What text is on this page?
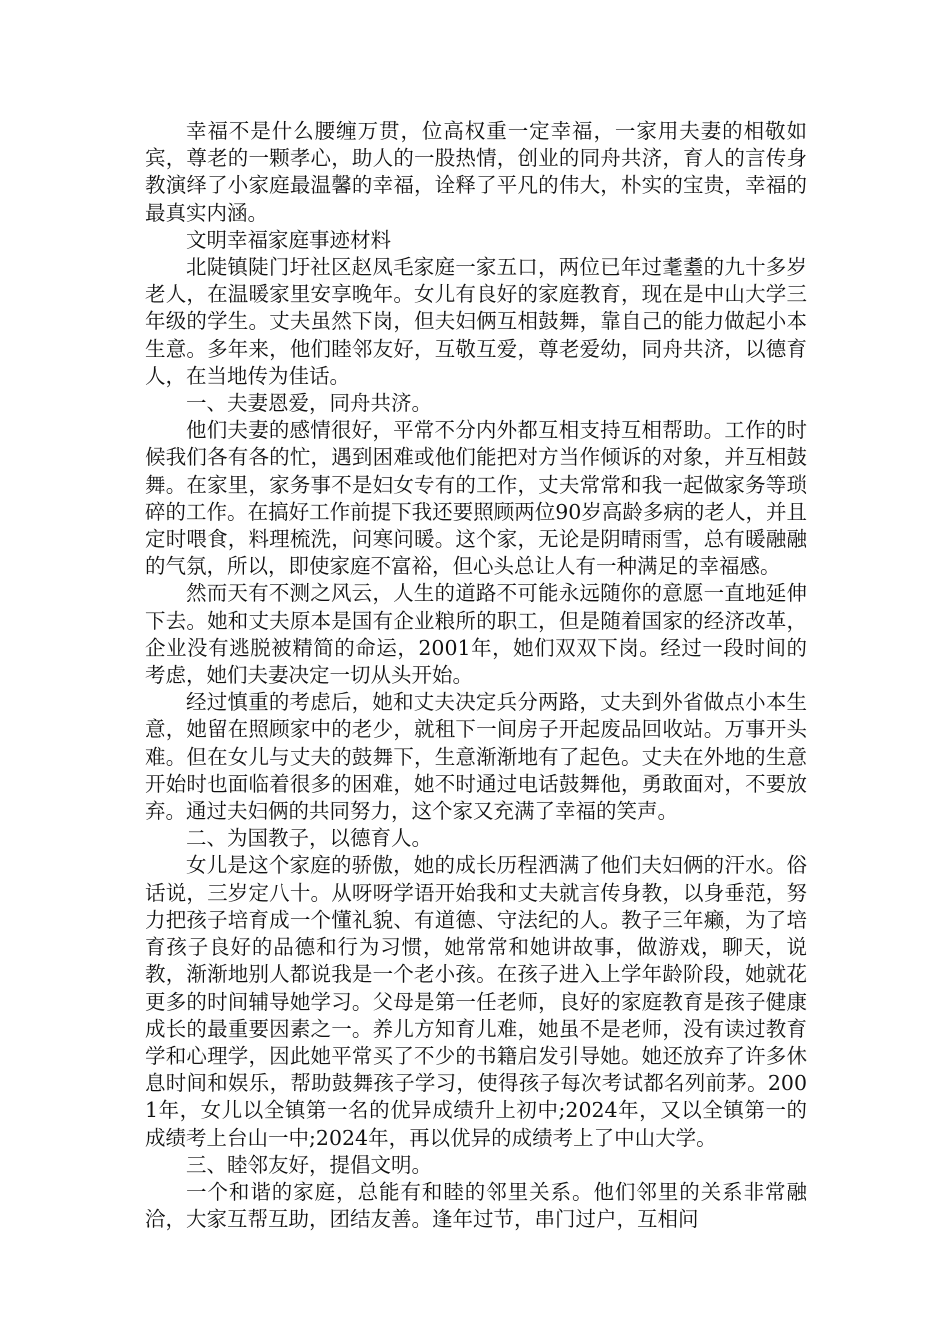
幸福不是什么腰缠万贯，位高权重一定幸福，一家用夫妻的相敬如宾，尊老的一颗孝心，助人的一股热情，创业的同舟共济，育人的言传身教演绎了小家庭最温馨的幸福，诠释了平凡的伟大，朴实的宝贵，幸福的最真实内涵。

文明幸福家庭事迹材料

北陡镇陡门圩社区赵凤毛家庭一家五口，两位已年过耄耋的九十多岁老人，在温暖家里安享晚年。女儿有良好的家庭教育，现在是中山大学三年级的学生。丈夫虽然下岗，但夫妇俩互相鼓舞，靠自己的能力做起小本生意。多年来，他们睦邻友好，互敬互爱，尊老爱幼，同舟共济，以德育人，在当地传为佳话。

一、夫妻恩爱，同舟共济。

他们夫妻的感情很好，平常不分内外都互相支持互相帮助。工作的时候我们各有各的忙，遇到困难或他们能把对方当作倾诉的对象，并互相鼓舞。在家里，家务事不是妇女专有的工作，丈夫常常和我一起做家务等琐碎的工作。在搞好工作前提下我还要照顾两位90岁高龄多病的老人，并且定时喂食，料理梳洗，问寒问暖。这个家，无论是阴晴雨雪，总有暖融融的气氛，所以，即使家庭不富裕，但心头总让人有一种满足的幸福感。

然而天有不测之风云，人生的道路不可能永远随你的意愿一直地延伸下去。她和丈夫原本是国有企业粮所的职工，但是随着国家的经济改革，企业没有逃脱被精简的命运，2001年，她们双双下岗。经过一段时间的考虑，她们夫妻决定一切从头开始。

经过慎重的考虑后，她和丈夫决定兵分两路，丈夫到外省做点小本生意，她留在照顾家中的老少，就租下一间房子开起废品回收站。万事开头难。但在女儿与丈夫的鼓舞下，生意渐渐地有了起色。丈夫在外地的生意开始时也面临着很多的困难，她不时通过电话鼓舞他，勇敢面对，不要放弃。通过夫妇俩的共同努力，这个家又充满了幸福的笑声。

二、为国教子，以德育人。

女儿是这个家庭的骄傲，她的成长历程洒满了他们夫妇俩的汗水。俗话说，三岁定八十。从呀呀学语开始我和丈夫就言传身教，以身垂范，努力把孩子培育成一个懂礼貌、有道德、守法纪的人。教子三年癞，为了培育孩子良好的品德和行为习惯，她常常和她讲故事，做游戏，聊天，说教，渐渐地别人都说我是一个老小孩。在孩子进入上学年龄阶段，她就花更多的时间辅导她学习。父母是第一任老师，良好的家庭教育是孩子健康成长的最重要因素之一。养儿方知育儿难，她虽不是老师，没有读过教育学和心理学，因此她平常买了不少的书籍启发引导她。她还放弃了许多休息时间和娱乐，帮助鼓舞孩子学习，使得孩子每次考试都名列前茅。2001年，女儿以全镇第一名的优异成绩升上初中;2024年，又以全镇第一的成绩考上台山一中;2024年，再以优异的成绩考上了中山大学。

三、睦邻友好，提倡文明。

一个和谐的家庭，总能有和睦的邻里关系。他们邻里的关系非常融洽，大家互帮互助，团结友善。逢年过节，串门过户，互相问
